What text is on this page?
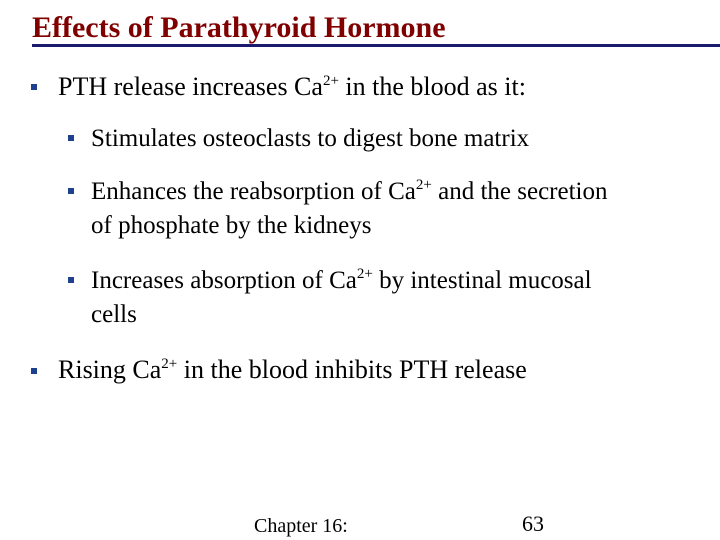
Effects of Parathyroid Hormone
PTH release increases $Ca^{2+}$ in the blood as it:
Stimulates osteoclasts to digest bone matrix
Enhances the reabsorption of $Ca^{2+}$ and the secretion
of phosphate by the kidneys
Increases absorption of $Ca^{2+}$ by intestinal mucosal
cells
Rising $Ca^{2+}$ in the blood inhibits PTH release
Chapter 16:	63
